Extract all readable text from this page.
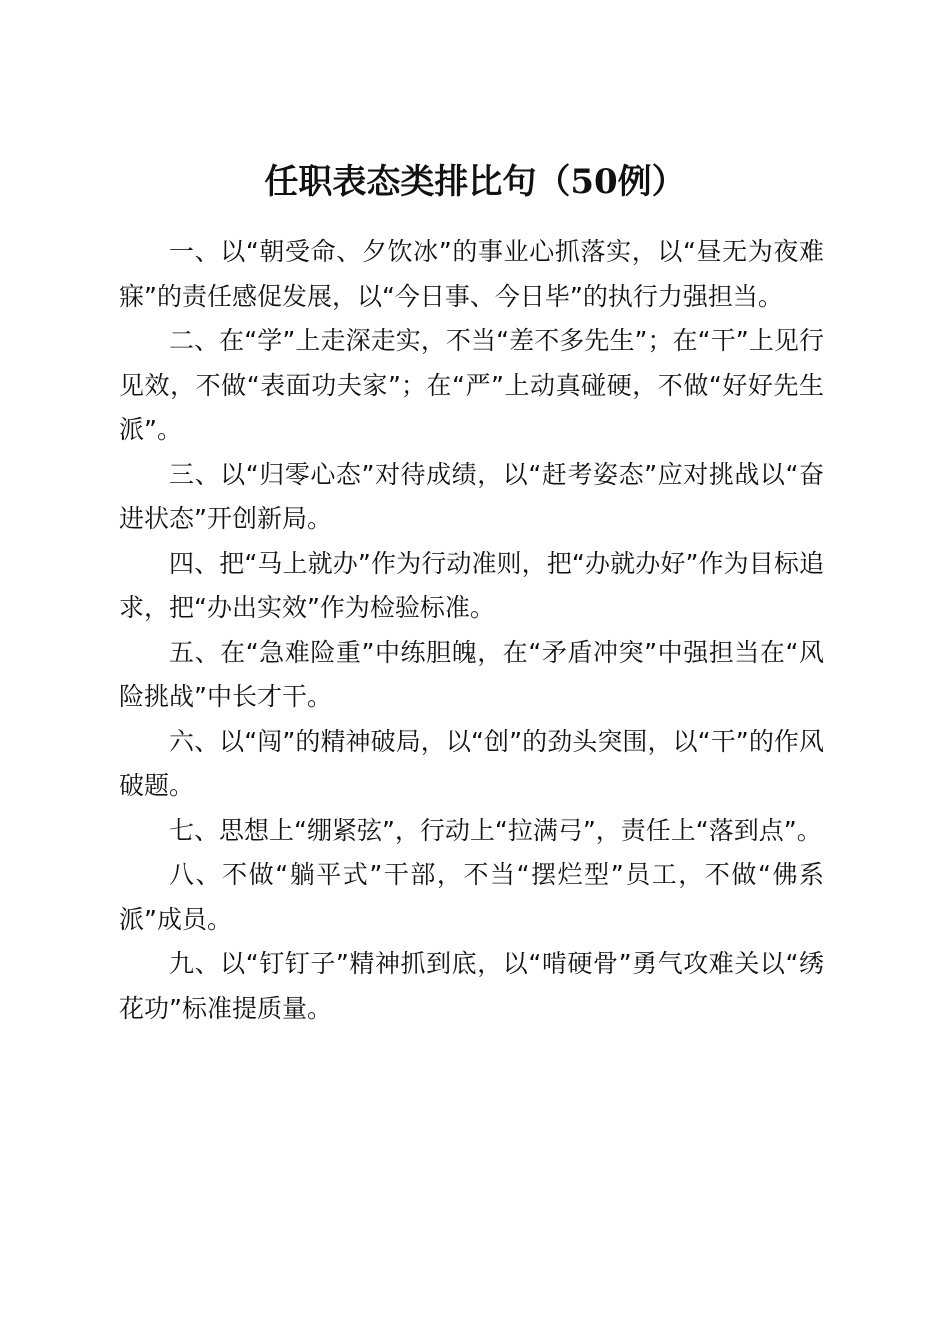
任职表态类排比句（50例）

一、以“朝受命、夕饮冰”的事业心抓落实，以“昼无为夜难寐”的责任感促发展，以“今日事、今日毕”的执行力强担当。

二、在“学”上走深走实，不当“差不多先生”；在“干”上见行见效，不做“表面功夫家”；在“严”上动真碰硬，不做“好好先生派”。

三、以“归零心态”对待成绩，以“赶考姿态”应对挑战以“奋进状态”开创新局。

四、把“马上就办”作为行动准则，把“办就办好”作为目标追求，把“办出实效”作为检验标准。

五、在“急难险重”中练胆魄，在“矛盾冲突”中强担当在“风险挑战”中长才干。

六、以“闯”的精神破局，以“创”的劲头突围，以“干”的作风破题。

七、思想上“绷紧弦”，行动上“拉满弓”，责任上“落到点”。

八、不做“躺平式”干部，不当“摆烂型”员工，不做“佛系派”成员。

九、以“钉钉子”精神抓到底，以“啃硬骨”勇气攻难关以“绣花功”标准提质量。
